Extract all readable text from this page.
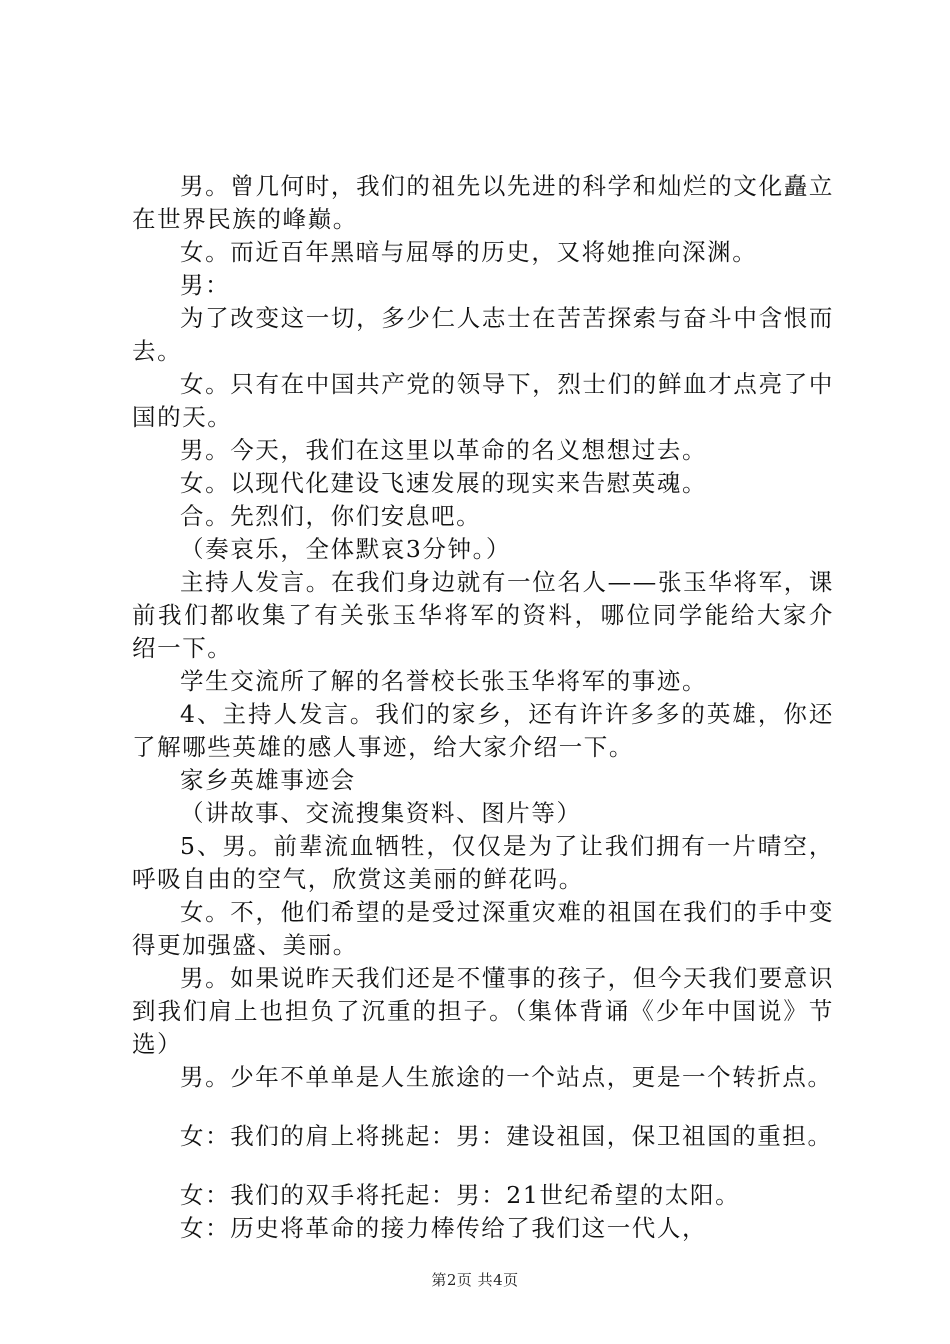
男。曾几何时，我们的祖先以先进的科学和灿烂的文化矗立在世界民族的峰巅。

女。而近百年黑暗与屈辱的历史，又将她推向深渊。

男：

为了改变这一切，多少仁人志士在苦苦探索与奋斗中含恨而去。

女。只有在中国共产党的领导下，烈士们的鲜血才点亮了中国的天。

男。今天，我们在这里以革命的名义想想过去。

女。以现代化建设飞速发展的现实来告慰英魂。

合。先烈们，你们安息吧。

（奏哀乐，全体默哀3分钟。）

主持人发言。在我们身边就有一位名人——张玉华将军，课前我们都收集了有关张玉华将军的资料，哪位同学能给大家介绍一下。

学生交流所了解的名誉校长张玉华将军的事迹。

4、主持人发言。我们的家乡，还有许许多多的英雄，你还了解哪些英雄的感人事迹，给大家介绍一下。

家乡英雄事迹会

（讲故事、交流搜集资料、图片等）

5、男。前辈流血牺牲，仅仅是为了让我们拥有一片晴空，呼吸自由的空气，欣赏这美丽的鲜花吗。

女。不，他们希望的是受过深重灾难的祖国在我们的手中变得更加强盛、美丽。

男。如果说昨天我们还是不懂事的孩子，但今天我们要意识到我们肩上也担负了沉重的担子。（集体背诵《少年中国说》节选）

男。少年不单单是人生旅途的一个站点，更是一个转折点。

女：我们的肩上将挑起：男：建设祖国，保卫祖国的重担。

女：我们的双手将托起：男：21世纪希望的太阳。

女：历史将革命的接力棒传给了我们这一代人，

第2页 共4页
